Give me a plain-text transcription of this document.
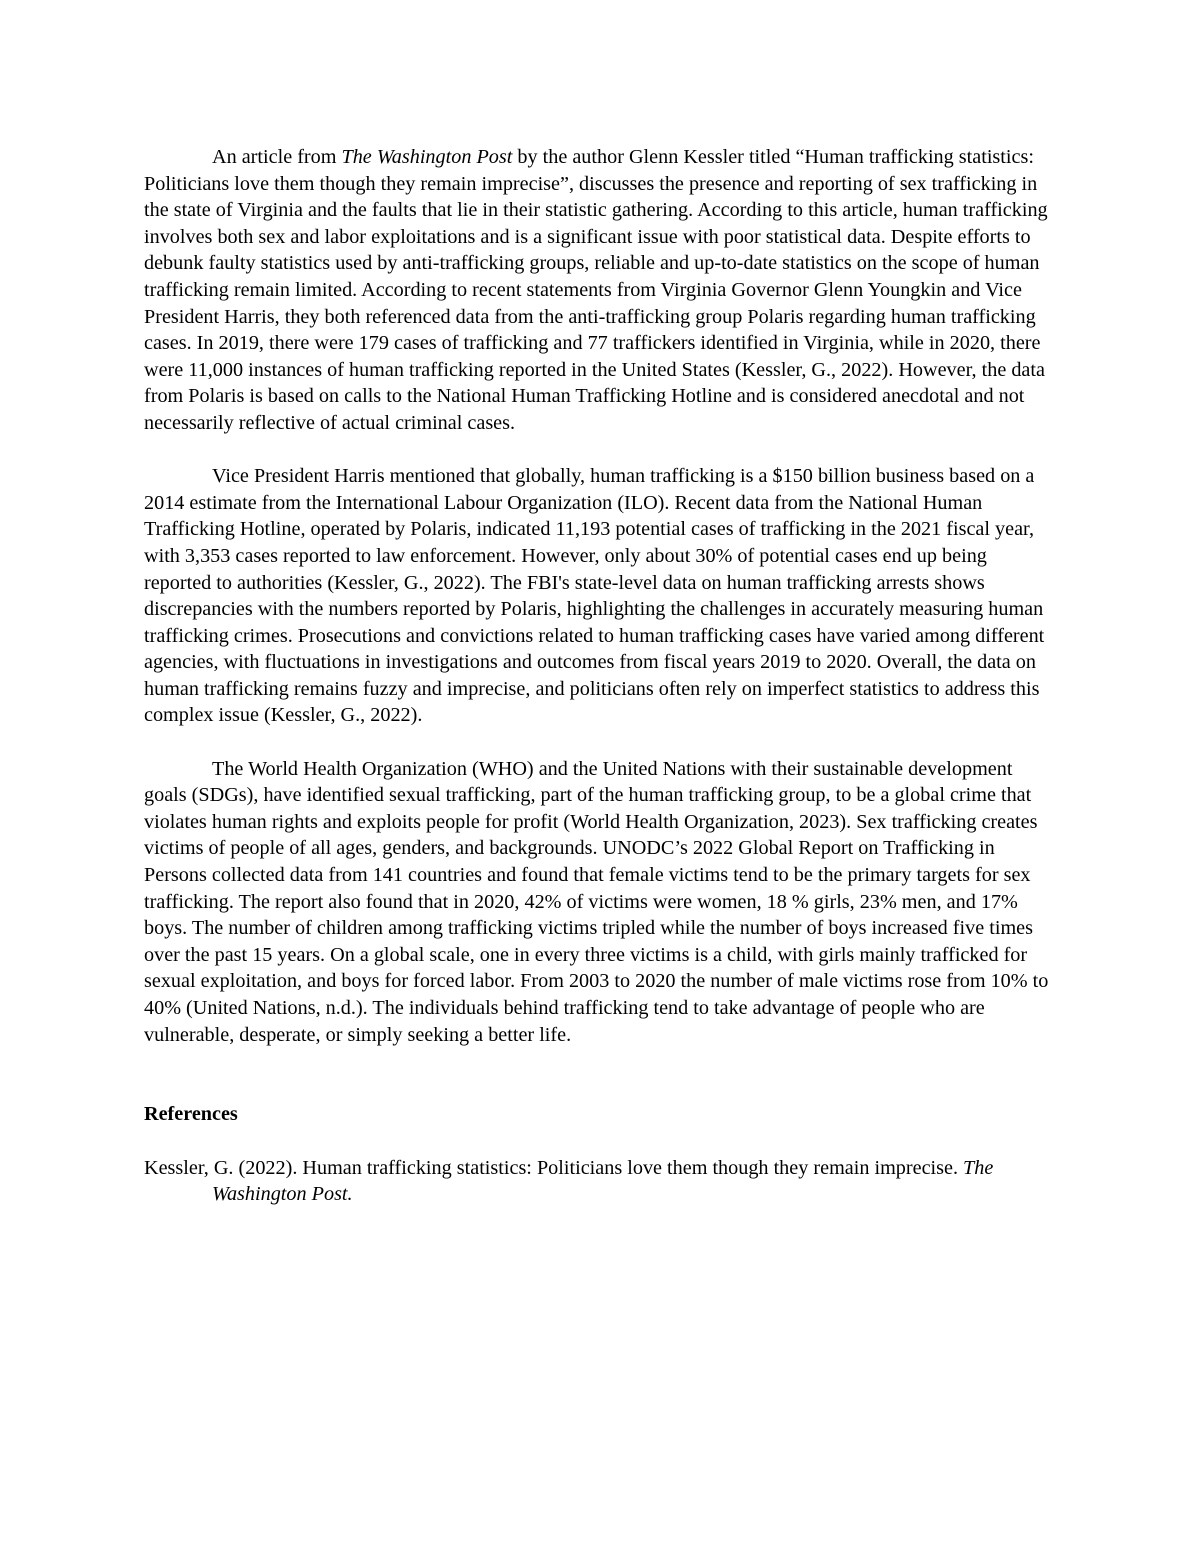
An article from The Washington Post by the author Glenn Kessler titled “Human trafficking statistics: Politicians love them though they remain imprecise”, discusses the presence and reporting of sex trafficking in the state of Virginia and the faults that lie in their statistic gathering. According to this article, human trafficking involves both sex and labor exploitations and is a significant issue with poor statistical data. Despite efforts to debunk faulty statistics used by anti-trafficking groups, reliable and up-to-date statistics on the scope of human trafficking remain limited. According to recent statements from Virginia Governor Glenn Youngkin and Vice President Harris, they both referenced data from the anti-trafficking group Polaris regarding human trafficking cases. In 2019, there were 179 cases of trafficking and 77 traffickers identified in Virginia, while in 2020, there were 11,000 instances of human trafficking reported in the United States (Kessler, G., 2022). However, the data from Polaris is based on calls to the National Human Trafficking Hotline and is considered anecdotal and not necessarily reflective of actual criminal cases.

Vice President Harris mentioned that globally, human trafficking is a $150 billion business based on a 2014 estimate from the International Labour Organization (ILO). Recent data from the National Human Trafficking Hotline, operated by Polaris, indicated 11,193 potential cases of trafficking in the 2021 fiscal year, with 3,353 cases reported to law enforcement. However, only about 30% of potential cases end up being reported to authorities (Kessler, G., 2022). The FBI's state-level data on human trafficking arrests shows discrepancies with the numbers reported by Polaris, highlighting the challenges in accurately measuring human trafficking crimes. Prosecutions and convictions related to human trafficking cases have varied among different agencies, with fluctuations in investigations and outcomes from fiscal years 2019 to 2020. Overall, the data on human trafficking remains fuzzy and imprecise, and politicians often rely on imperfect statistics to address this complex issue (Kessler, G., 2022).

The World Health Organization (WHO) and the United Nations with their sustainable development goals (SDGs), have identified sexual trafficking, part of the human trafficking group, to be a global crime that violates human rights and exploits people for profit (World Health Organization, 2023). Sex trafficking creates victims of people of all ages, genders, and backgrounds. UNODC’s 2022 Global Report on Trafficking in Persons collected data from 141 countries and found that female victims tend to be the primary targets for sex trafficking. The report also found that in 2020, 42% of victims were women, 18 % girls, 23% men, and 17% boys. The number of children among trafficking victims tripled while the number of boys increased five times over the past 15 years. On a global scale, one in every three victims is a child, with girls mainly trafficked for sexual exploitation, and boys for forced labor. From 2003 to 2020 the number of male victims rose from 10% to 40% (United Nations, n.d.). The individuals behind trafficking tend to take advantage of people who are vulnerable, desperate, or simply seeking a better life.

References

Kessler, G. (2022). Human trafficking statistics: Politicians love them though they remain imprecise. The Washington Post.
